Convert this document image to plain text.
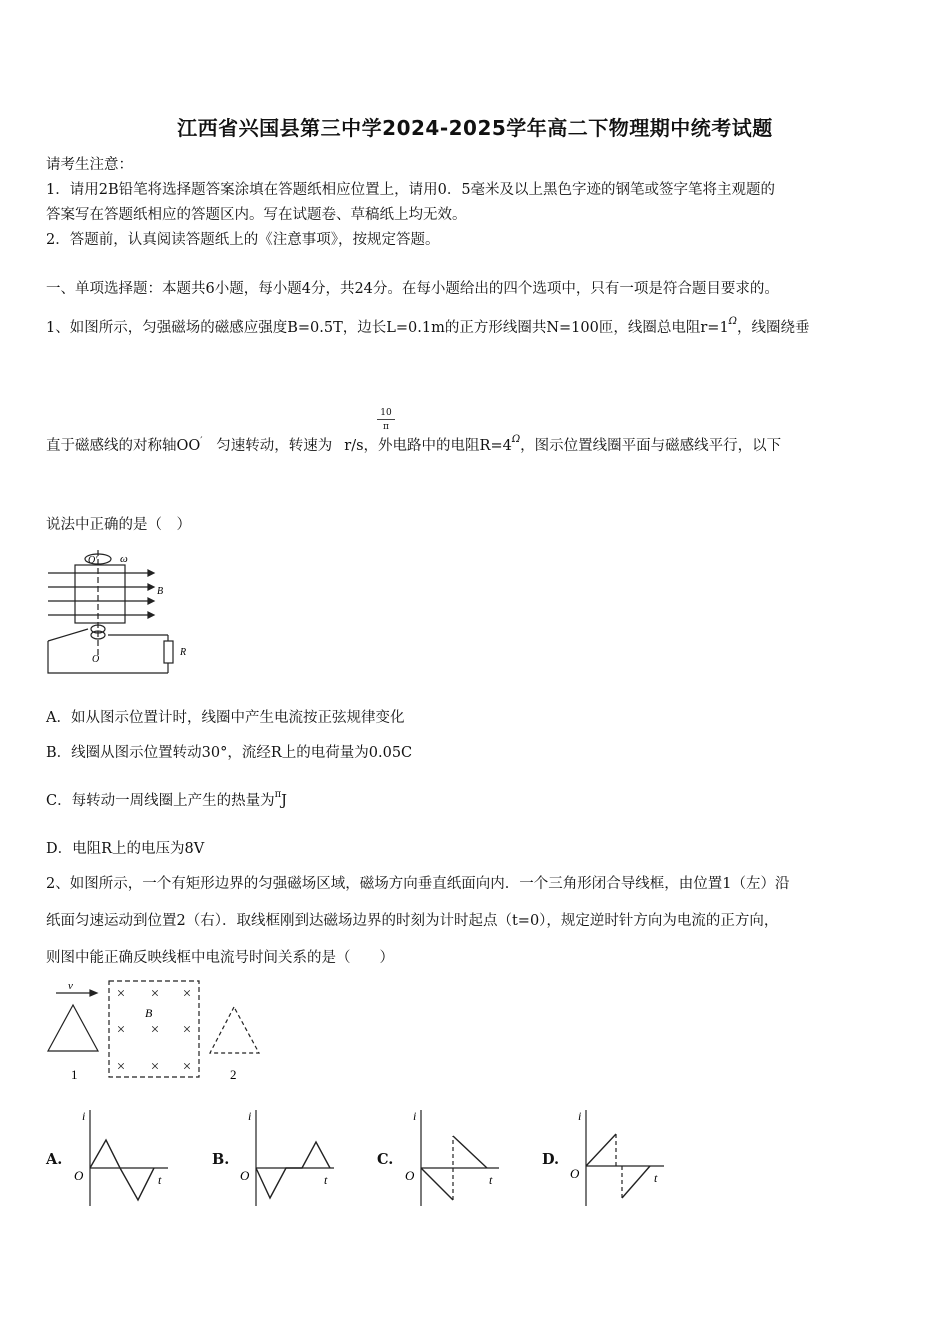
江西省兴国县第三中学2024-2025学年高二下物理期中统考试题
请考生注意：
1．请用2B铅笔将选择题答案涂填在答题纸相应位置上，请用0．5毫米及以上黑色字迹的钢笔或签字笔将主观题的
答案写在答题纸相应的答题区内。写在试题卷、草稿纸上均无效。
2．答题前，认真阅读答题纸上的《注意事项》，按规定答题。
一、单项选择题：本题共6小题，每小题4分，共24分。在每小题给出的四个选项中，只有一项是符合题目要求的。
1、如图所示，匀强磁场的磁感应强度B=0.5T，边长L=0.1m的正方形线圈共N=100匝，线圈总电阻$r=1^\Omega$，线圈绕垂
直于磁感线的对称轴OO′ 匀速转动，转速为 r/s，外电路中的电阻$R=4^\Omega$，图示位置线圈平面与磁感线平行，以下
10
π
说法中正确的是（　）
O′ ω
B
R
O
A．如从图示位置计时，线圈中产生电流按正弦规律变化
B．线圈从图示位置转动30°，流经R上的电荷量为0.05C
C．每转动一周线圈上产生的热量为$^\pi$J
D．电阻R上的电压为8V
2、如图所示，一个有矩形边界的匀强磁场区域，磁场方向垂直纸面向内．一个三角形闭合导线框，由位置1（左）沿
纸面匀速运动到位置2（右）．取线框刚到达磁场边界的时刻为计时起点（t=0），规定逆时针方向为电流的正方向，
则图中能正确反映线框中电流号时间关系的是（　　）
× × ×
× × ×
× × ×
v
B
1	2
A.
i
O	t
B.
i
O	t
C.
i
O	t
D.
i
O	t
